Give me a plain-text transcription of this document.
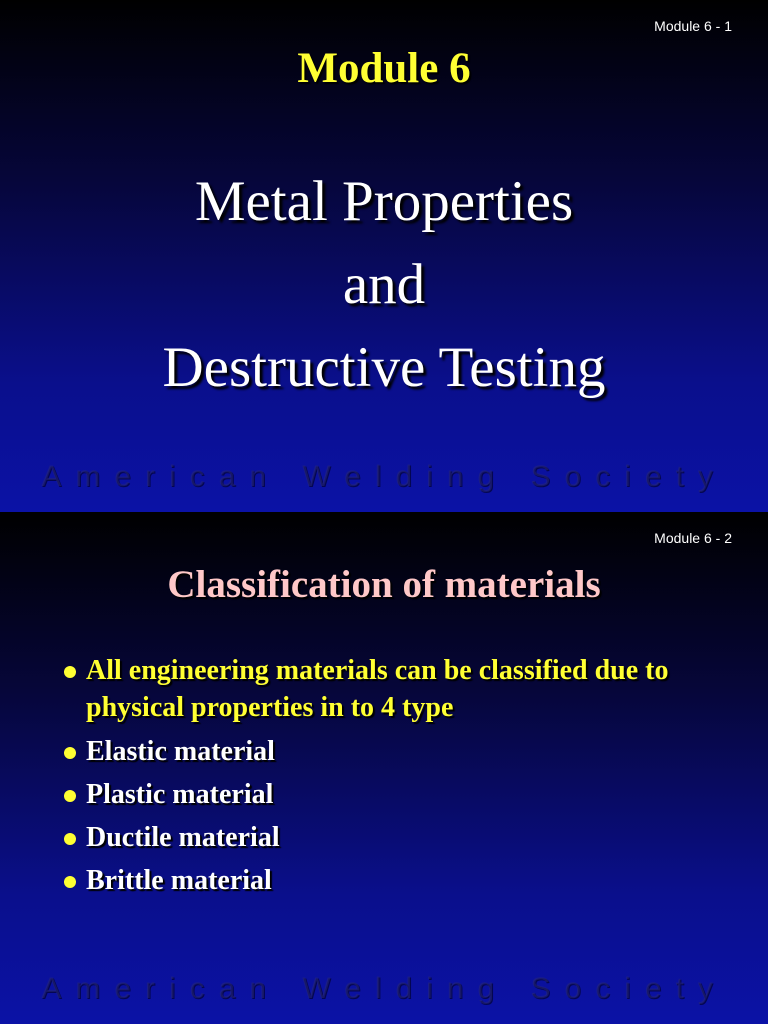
Module 6 - 1
Module 6
Metal Properties
and
Destructive Testing
American Welding Society
Module 6 - 2
Classification of materials
All engineering materials can be classified due to physical properties in to 4 type
Elastic material
Plastic material
Ductile material
Brittle material
American Welding Society
